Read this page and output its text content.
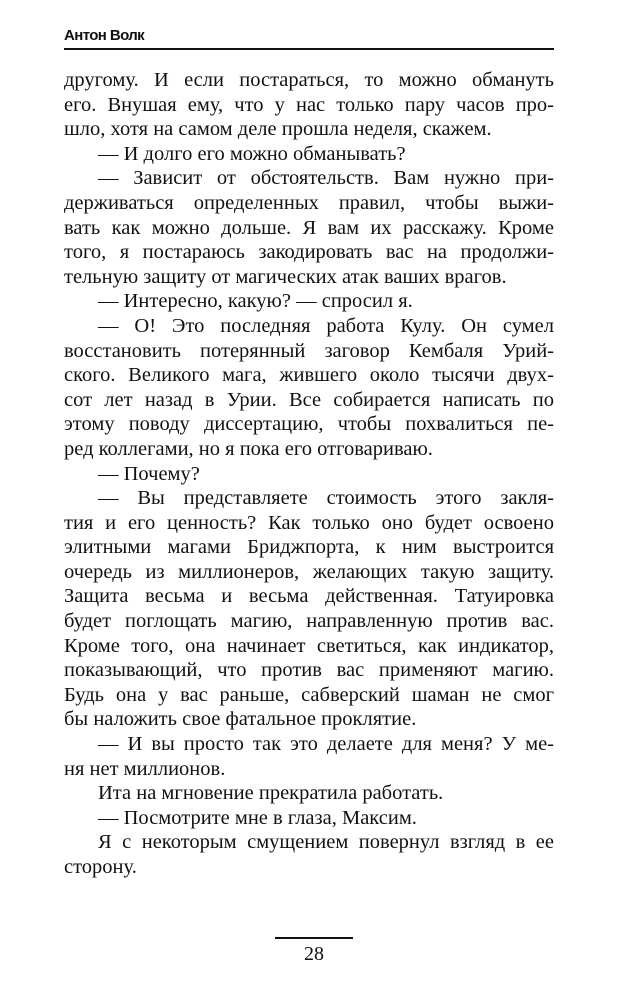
Антон Волк
другому. И если постараться, то можно обмануть
его. Внушая ему, что у нас только пару часов про-
шло, хотя на самом деле прошла неделя, скажем.
— И долго его можно обманывать?
— Зависит от обстоятельств. Вам нужно при-
держиваться определенных правил, чтобы выжи-
вать как можно дольше. Я вам их расскажу. Кроме
того, я постараюсь закодировать вас на продолжи-
тельную защиту от магических атак ваших врагов.
— Интересно, какую? — спросил я.
— О! Это последняя работа Кулу. Он сумел
восстановить потерянный заговор Кембаля Урий-
ского. Великого мага, жившего около тысячи двух-
сот лет назад в Урии. Все собирается написать по
этому поводу диссертацию, чтобы похвалиться пе-
ред коллегами, но я пока его отговариваю.
— Почему?
— Вы представляете стоимость этого закля-
тия и его ценность? Как только оно будет освоено
элитными магами Бриджпорта, к ним выстроится
очередь из миллионеров, желающих такую защиту.
Защита весьма и весьма действенная. Татуировка
будет поглощать магию, направленную против вас.
Кроме того, она начинает светиться, как индикатор,
показывающий, что против вас применяют магию.
Будь она у вас раньше, сабверский шаман не смог
бы наложить свое фатальное проклятие.
— И вы просто так это делаете для меня? У ме-
ня нет миллионов.
Ита на мгновение прекратила работать.
— Посмотрите мне в глаза, Максим.
Я с некоторым смущением повернул взгляд в ее
сторону.
28
